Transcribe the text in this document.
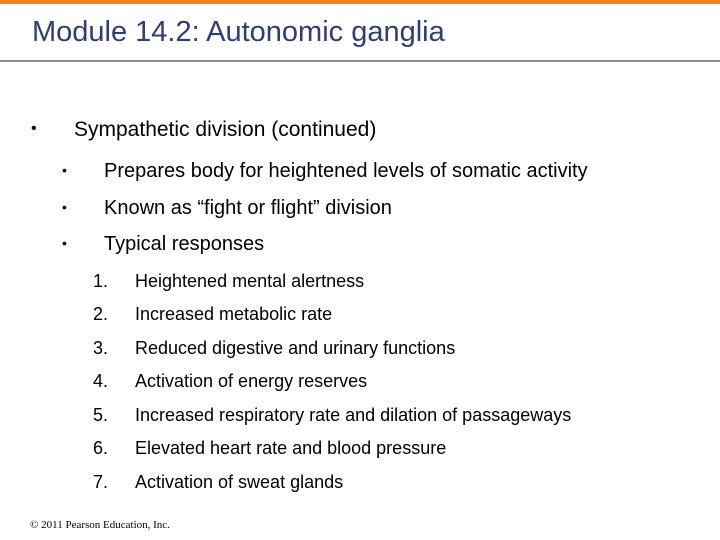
Module 14.2: Autonomic ganglia
• Sympathetic division (continued)
• Prepares body for heightened levels of somatic activity
• Known as “fight or flight” division
• Typical responses
1. Heightened mental alertness
2. Increased metabolic rate
3. Reduced digestive and urinary functions
4. Activation of energy reserves
5. Increased respiratory rate and dilation of passageways
6. Elevated heart rate and blood pressure
7. Activation of sweat glands
© 2011 Pearson Education, Inc.
